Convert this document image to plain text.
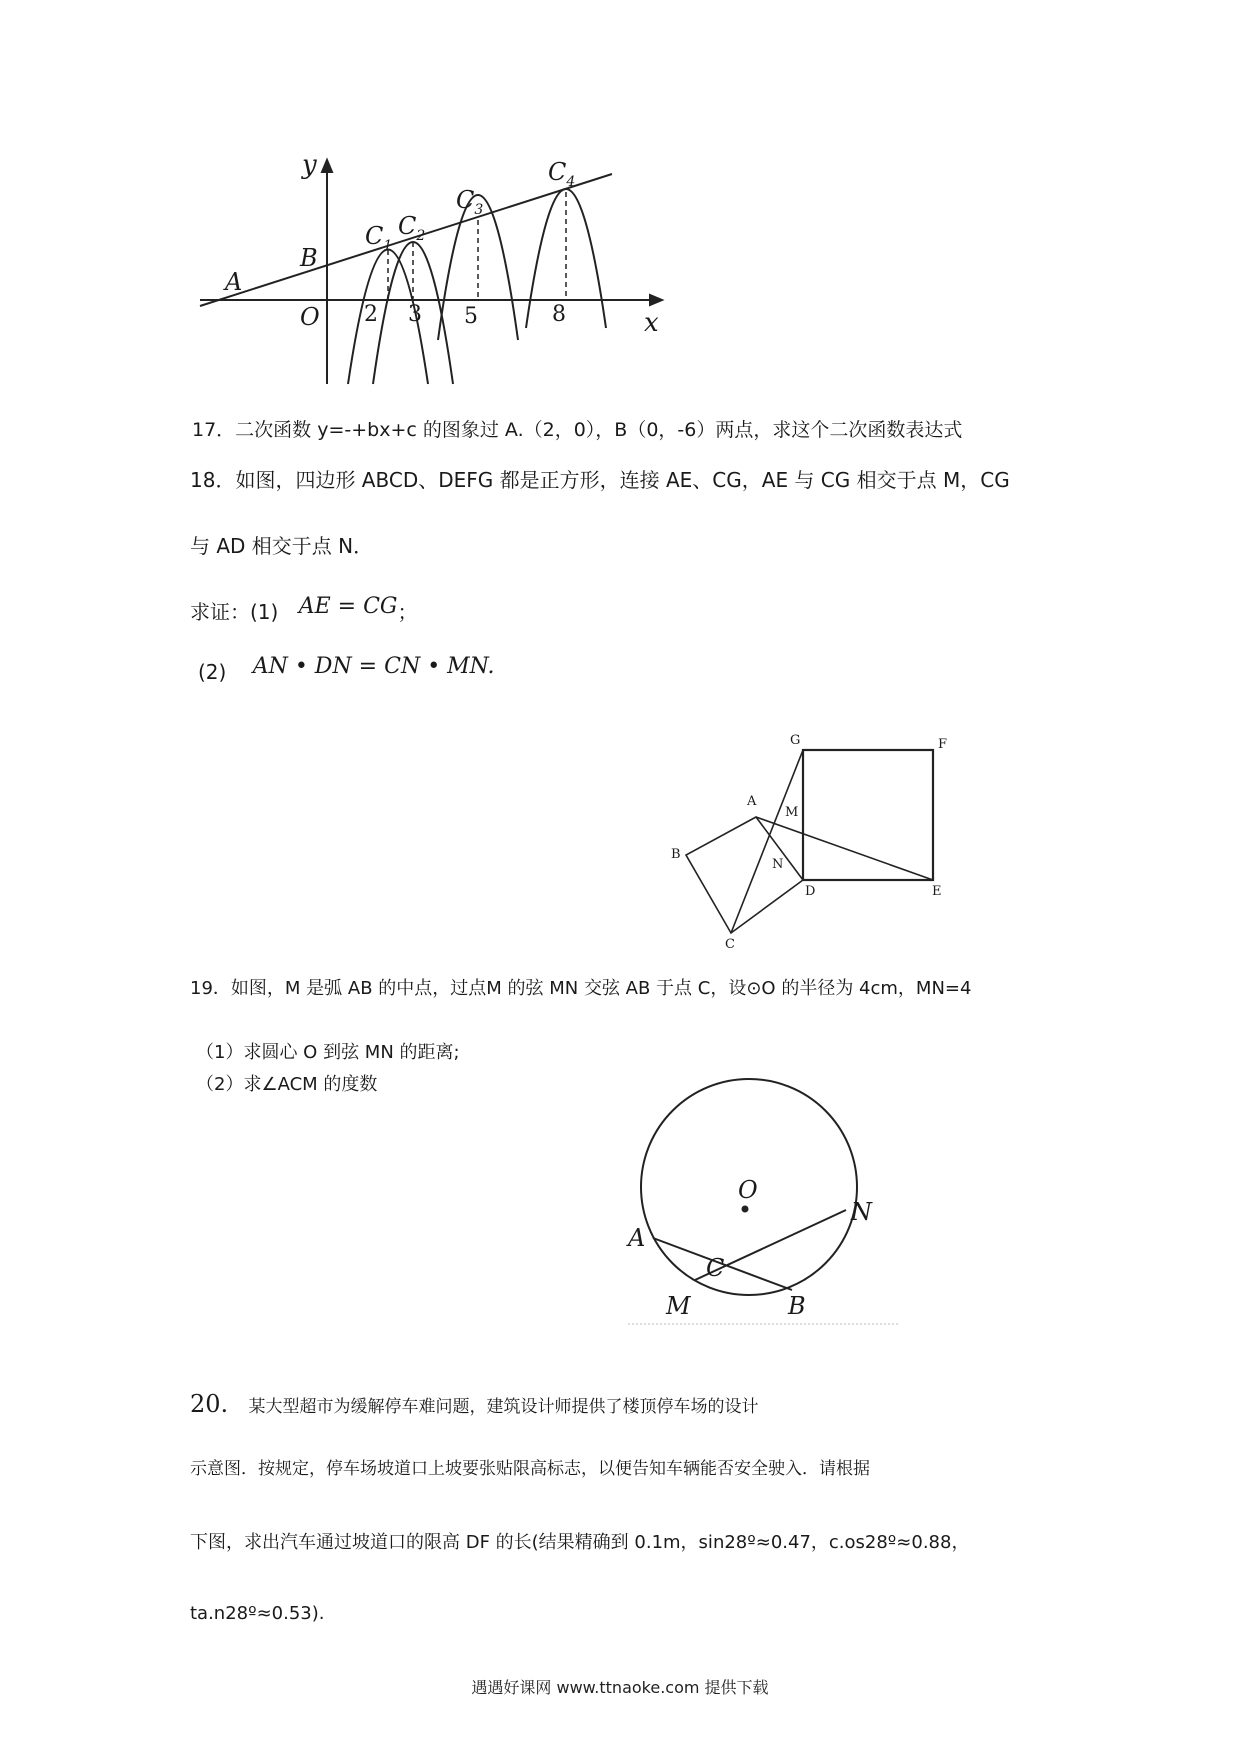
y
x
A
B
O
$C_1$
$C_2$
$C_3$
$C_4$
2 3 5	8
17．二次函数 y=-+bx+c 的图象过 A.（2，0），B（0，-6）两点，求这个二次函数表达式
18．如图，四边形 ABCD、DEFG 都是正方形，连接 AE、CG，AE 与 CG 相交于点 M，CG
与 AD 相交于点 N．
求证：(1) AE = CG；
(2) AN • DN = CN • MN.
G	F
A
M
B
N
D	E
C
19．如图，M 是弧 AB 的中点，过点M 的弦 MN 交弦 AB 于点 C，设⊙O 的半径为 4cm，MN=4
（1）求圆心 O 到弦 MN 的距离;
（2）求∠ACM 的度数
O
A
N
C
M	B
20. 某大型超市为缓解停车难问题，建筑设计师提供了楼顶停车场的设计
示意图．按规定，停车场坡道口上坡要张贴限高标志，以便告知车辆能否安全驶入．请根据
下图，求出汽车通过坡道口的限高 DF 的长(结果精确到 0.1m，sin28º≈0.47，c.os28º≈0.88，
ta.n28º≈0.53).
遇遇好课网 www.ttnaoke.com 提供下载
